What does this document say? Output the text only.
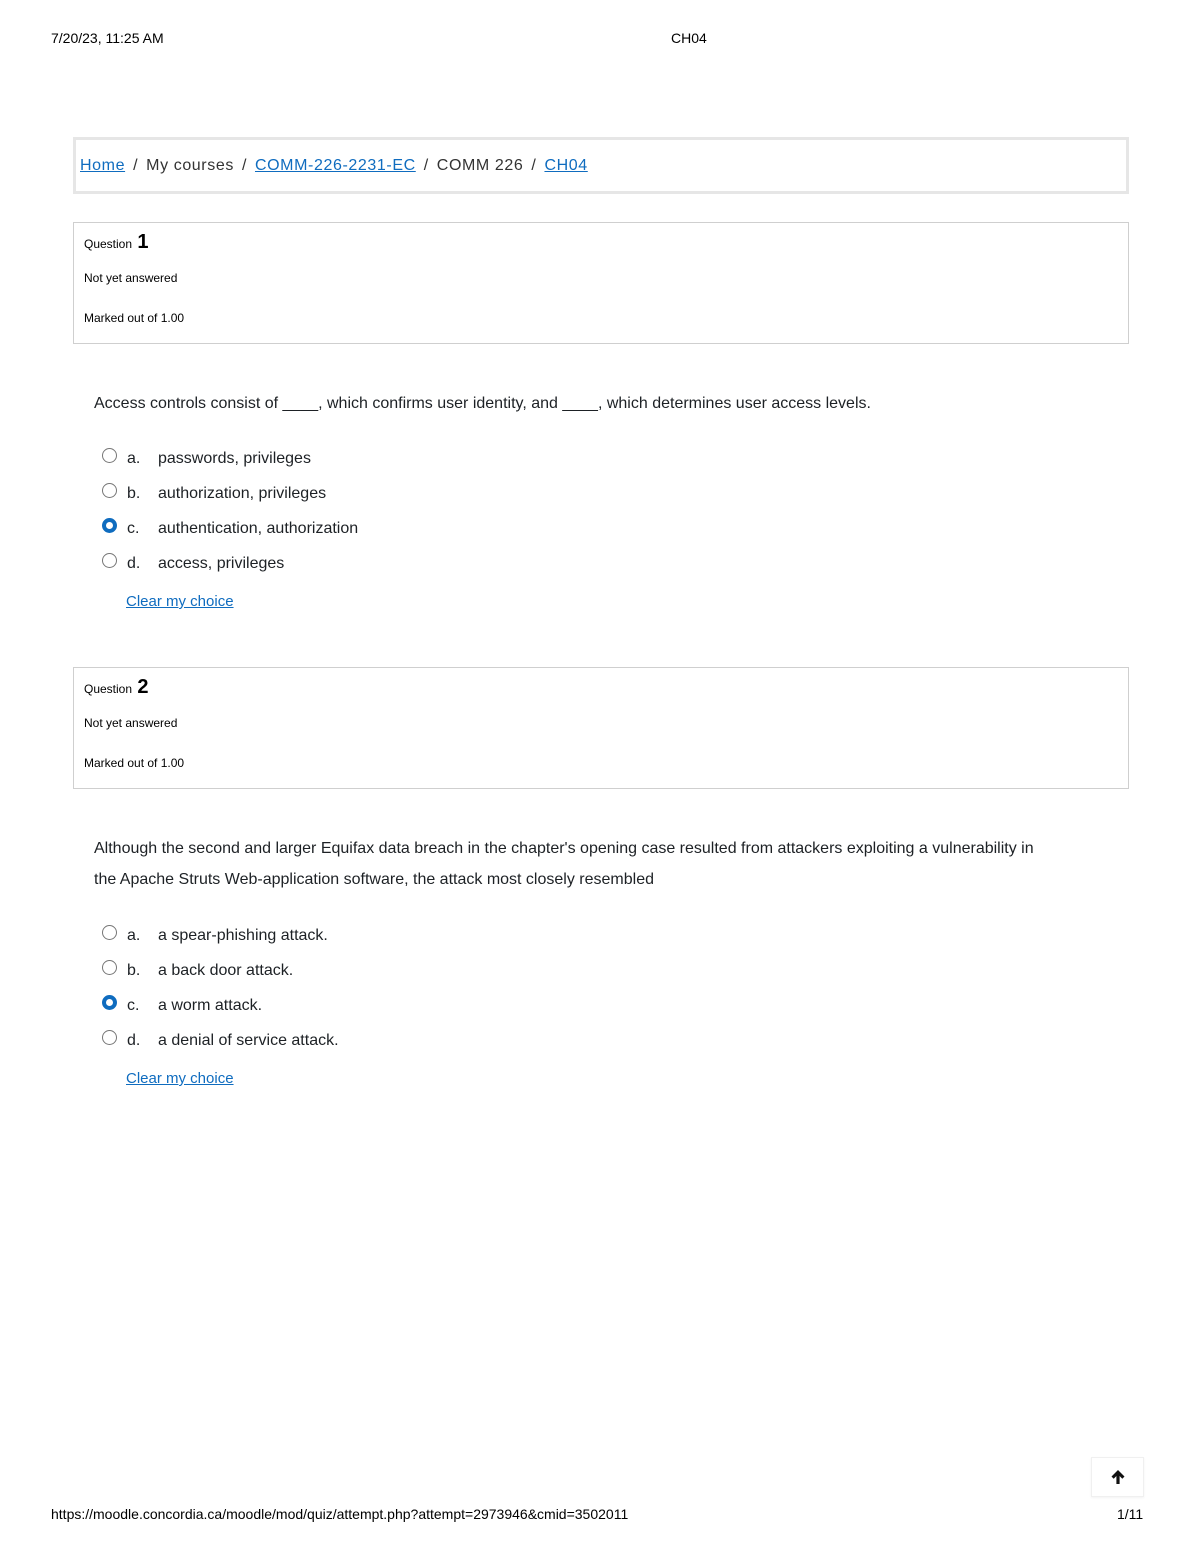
7/20/23, 11:25 AM	CH04
Home / My courses / COMM-226-2231-EC / COMM 226 / CH04
Question 1
Not yet answered
Marked out of 1.00
Access controls consist of ____, which confirms user identity, and ____, which determines user access levels.
a.	passwords, privileges
b.	authorization, privileges
c.	authentication, authorization
d.	access, privileges
Clear my choice
Question 2
Not yet answered
Marked out of 1.00
Although the second and larger Equifax data breach in the chapter's opening case resulted from attackers exploiting a vulnerability in the Apache Struts Web-application software, the attack most closely resembled
a.	a spear-phishing attack.
b.	a back door attack.
c.	a worm attack.
d.	a denial of service attack.
Clear my choice
https://moodle.concordia.ca/moodle/mod/quiz/attempt.php?attempt=2973946&cmid=3502011	1/11
